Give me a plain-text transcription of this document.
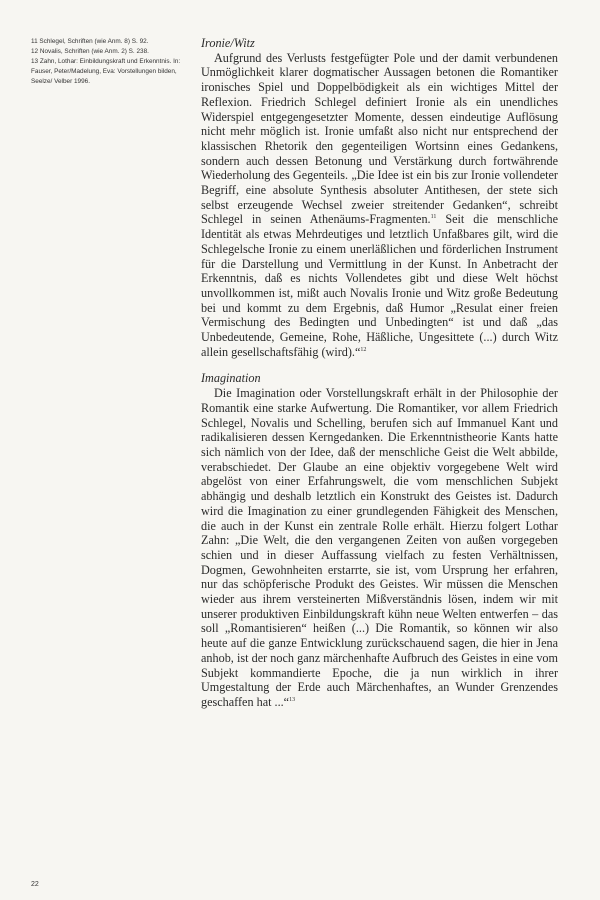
11 Schlegel, Schriften (wie Anm. 8) S. 92.

12 Novalis, Schriften (wie Anm. 2) S. 238.

13 Zahn, Lothar: Einbildungskraft und Erkenntnis. In: Fauser, Peter/Madelung, Eva: Vorstellungen bilden, Seelze/ Velber 1996.

Ironie/Witz

Aufgrund des Verlusts festgefügter Pole und der damit verbundenen Unmöglichkeit klarer dogmatischer Aussagen betonen die Romantiker ironisches Spiel und Doppelbödigkeit als ein wichtiges Mittel der Reflexion. Friedrich Schlegel definiert Ironie als ein unendliches Widerspiel entgegengesetzter Momente, dessen eindeutige Auflösung nicht mehr möglich ist. Ironie umfaßt also nicht nur entsprechend der klassischen Rhetorik den gegenteiligen Wortsinn eines Gedankens, sondern auch dessen Betonung und Verstärkung durch fortwährende Wiederholung des Gegenteils. „Die Idee ist ein bis zur Ironie vollendeter Begriff, eine absolute Synthesis absoluter Antithesen, der stete sich selbst erzeugende Wechsel zweier streitender Gedanken“, schreibt Schlegel in seinen Athenäums-Fragmenten.$^{11}$ Seit die menschliche Identität als etwas Mehrdeutiges und letztlich Unfaßbares gilt, wird die Schlegelsche Ironie zu einem unerläßlichen und förderlichen Instrument für die Darstellung und Vermittlung in der Kunst. In Anbetracht der Erkenntnis, daß es nichts Vollendetes gibt und diese Welt höchst unvollkommen ist, mißt auch Novalis Ironie und Witz große Bedeutung bei und kommt zu dem Ergebnis, daß Humor „Resulat einer freien Vermischung des Bedingten und Unbedingten“ ist und daß „das Unbedeutende, Gemeine, Rohe, Häßliche, Ungesittete (...) durch Witz allein gesellschaftsfähig (wird).“$^{12}$

Imagination

Die Imagination oder Vorstellungskraft erhält in der Philosophie der Romantik eine starke Aufwertung. Die Romantiker, vor allem Friedrich Schlegel, Novalis und Schelling, berufen sich auf Immanuel Kant und radikalisieren dessen Kerngedanken. Die Erkenntnistheorie Kants hatte sich nämlich von der Idee, daß der menschliche Geist die Welt abbilde, verabschiedet. Der Glaube an eine objektiv vorgegebene Welt wird abgelöst von einer Erfahrungswelt, die vom menschlichen Subjekt abhängig und deshalb letztlich ein Konstrukt des Geistes ist. Dadurch wird die Imagination zu einer grundlegenden Fähigkeit des Menschen, die auch in der Kunst ein zentrale Rolle erhält. Hierzu folgert Lothar Zahn: „Die Welt, die den vergangenen Zeiten von außen vorgegeben schien und in dieser Auffassung vielfach zu festen Verhältnissen, Dogmen, Gewohnheiten erstarrte, sie ist, vom Ursprung her erfahren, nur das schöpferische Produkt des Geistes. Wir müssen die Menschen wieder aus ihrem versteinerten Mißverständnis lösen, indem wir mit unserer produktiven Einbildungskraft kühn neue Welten entwerfen – das soll „Romantisieren“ heißen (...) Die Romantik, so können wir also heute auf die ganze Entwicklung zurückschauend sagen, die hier in Jena anhob, ist der noch ganz märchenhafte Aufbruch des Geistes in eine vom Subjekt kommandierte Epoche, die ja nun wirklich in ihrer Umgestaltung der Erde auch Märchenhaftes, an Wunder Grenzendes geschaffen hat ...“$^{13}$

22
